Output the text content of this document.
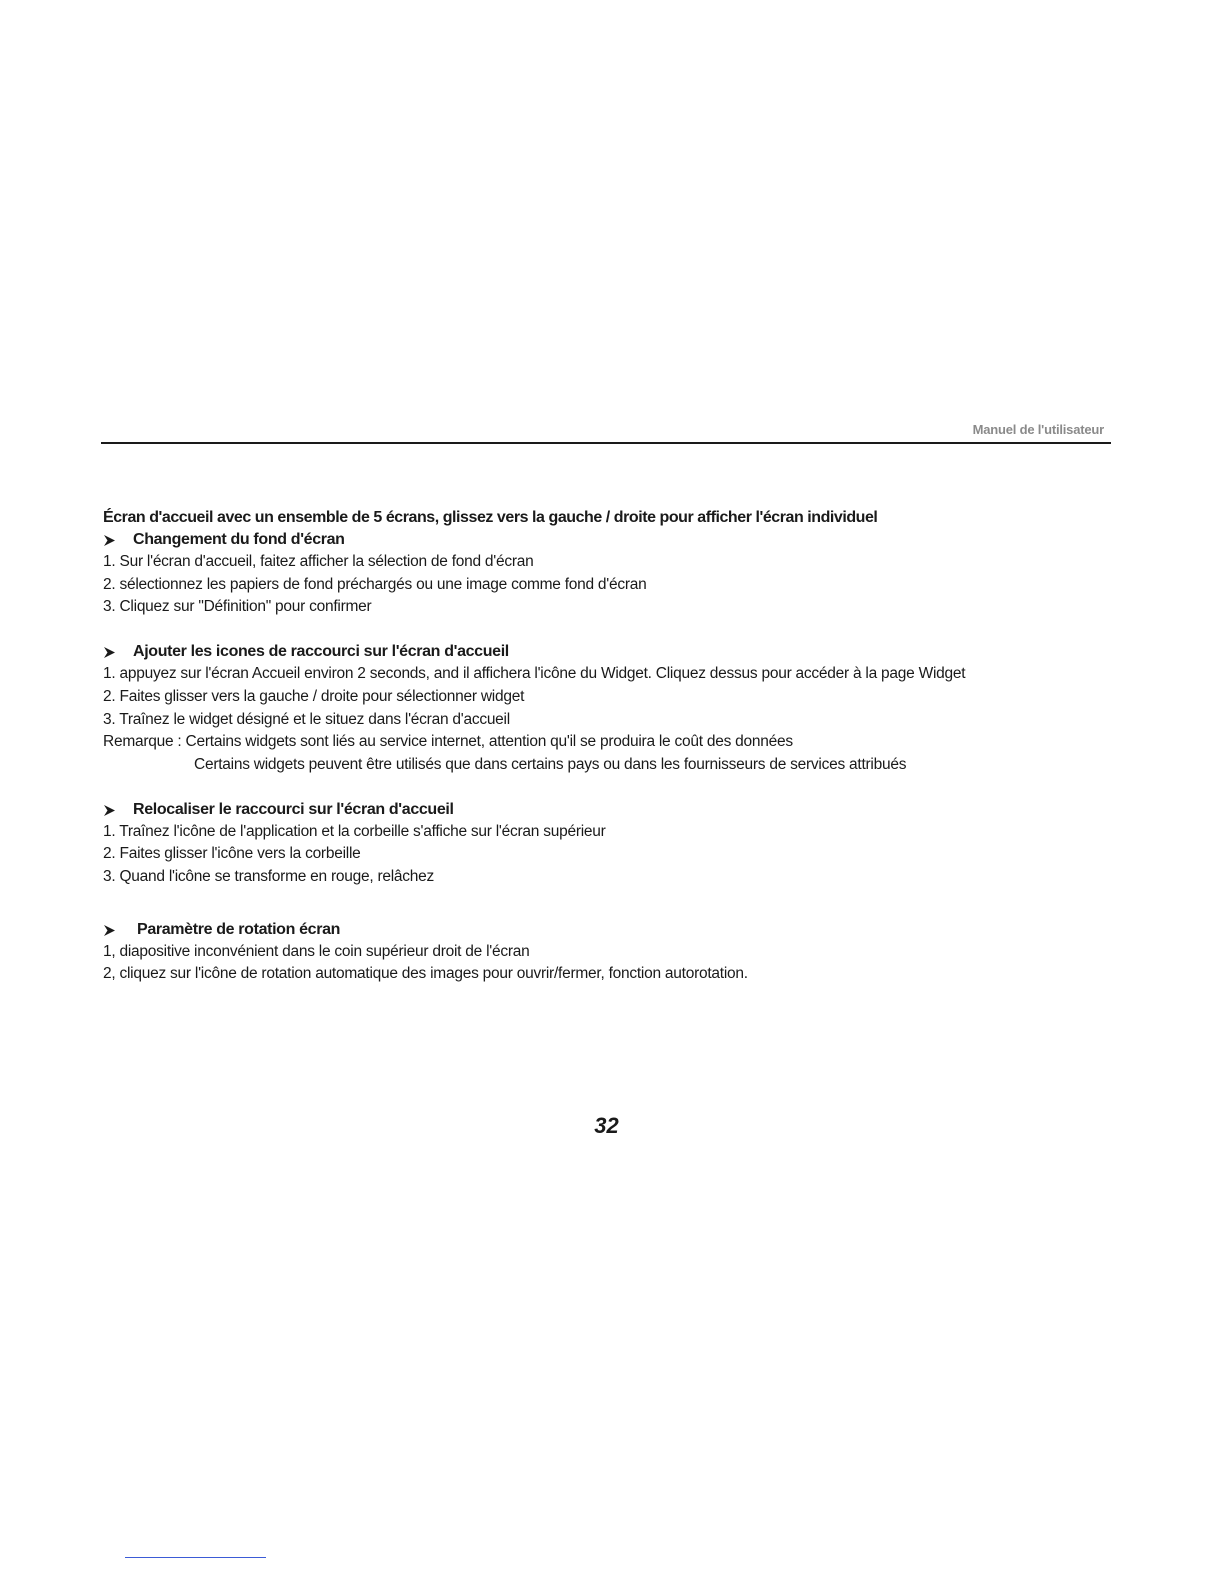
Manuel de l'utilisateur
Écran d'accueil avec un ensemble de 5 écrans, glissez vers la gauche / droite pour afficher l'écran individuel
Changement du fond d'écran
1. Sur l'écran d'accueil, faitez afficher la sélection de fond d'écran
2. sélectionnez les papiers de fond préchargés ou une image comme fond d'écran
3. Cliquez sur "Définition" pour confirmer
Ajouter les icones de raccourci sur l'écran d'accueil
1. appuyez sur l'écran Accueil environ 2 seconds, and il affichera l'icône du Widget. Cliquez dessus pour accéder à la page Widget
2. Faites glisser vers la gauche / droite pour sélectionner widget
3. Traînez le widget désigné et le situez dans l'écran d'accueil
Remarque : Certains widgets sont liés au service internet, attention qu'il se produira le coût des données
Certains widgets peuvent être utilisés que dans certains pays ou dans les fournisseurs de services attribués
Relocaliser le raccourci sur l'écran d'accueil
1. Traînez l'icône de l'application et la corbeille s'affiche sur l'écran supérieur
2. Faites glisser l'icône vers la corbeille
3. Quand l'icône se transforme en rouge, relâchez
Paramètre de rotation écran
1, diapositive inconvénient dans le coin supérieur droit de l'écran
2, cliquez sur l'icône de rotation automatique des images pour ouvrir/fermer, fonction autorotation.
32
